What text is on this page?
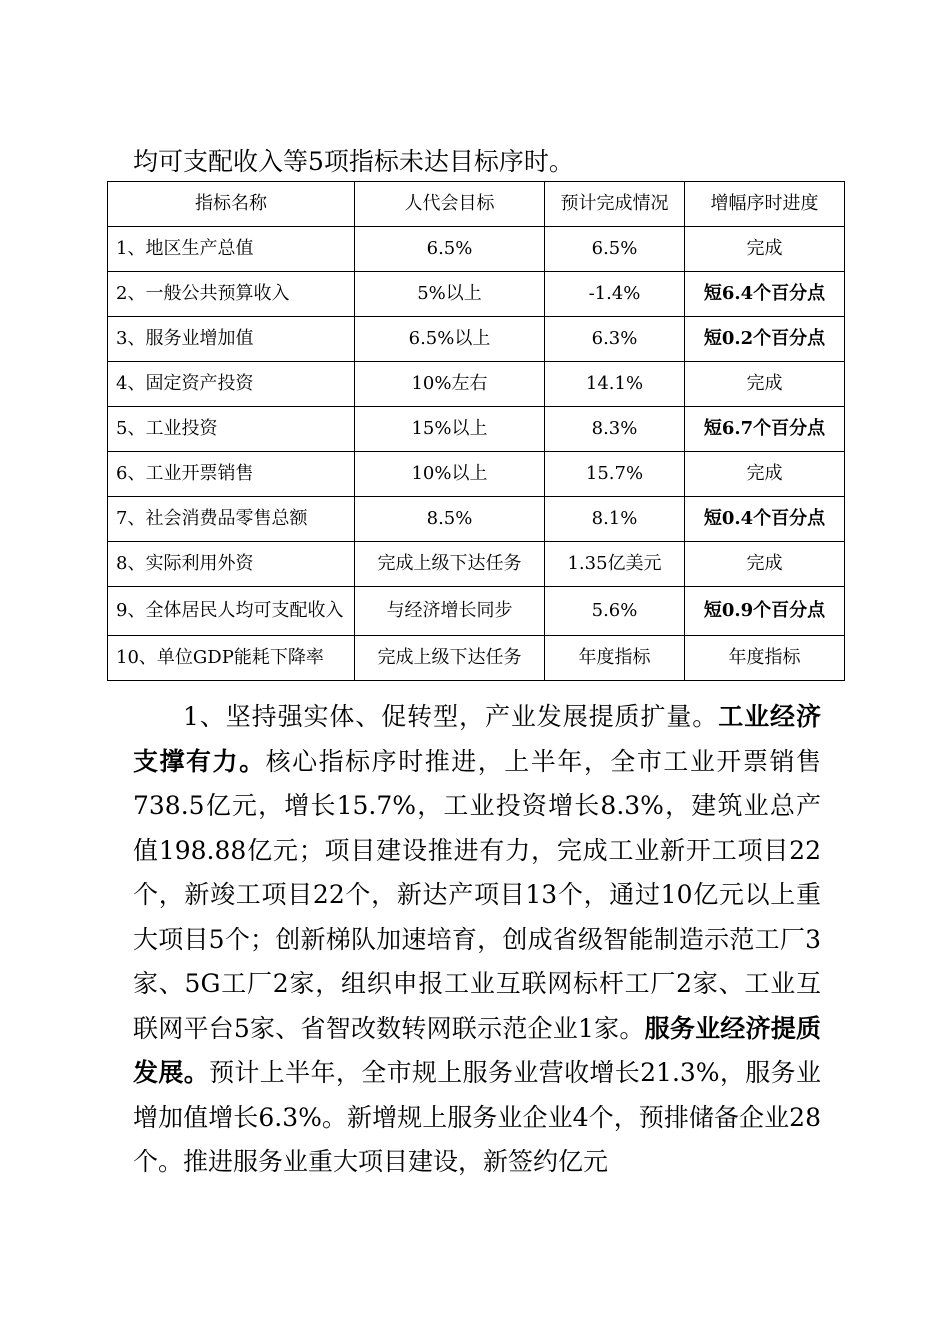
均可支配收入等5项指标未达目标序时。
指标名称	人代会目标	预计完成情况	增幅序时进度
1、地区生产总值	6.5%	6.5%	完成
2、一般公共预算收入	5%以上	-1.4%	短6.4个百分点
3、服务业增加值	6.5%以上	6.3%	短0.2个百分点
4、固定资产投资	10%左右	14.1%	完成
5、工业投资	15%以上	8.3%	短6.7个百分点
6、工业开票销售	10%以上	15.7%	完成
7、社会消费品零售总额	8.5%	8.1%	短0.4个百分点
8、实际利用外资	完成上级下达任务	1.35亿美元	完成
9、全体居民人均可支配收入	与经济增长同步	5.6%	短0.9个百分点
10、单位GDP能耗下降率	完成上级下达任务	年度指标	年度指标

1、坚持强实体、促转型，产业发展提质扩量。工业经济支撑有力。核心指标序时推进，上半年，全市工业开票销售738.5亿元，增长15.7%，工业投资增长8.3%，建筑业总产值198.88亿元；项目建设推进有力，完成工业新开工项目22个，新竣工项目22个，新达产项目13个，通过10亿元以上重大项目5个；创新梯队加速培育，创成省级智能制造示范工厂3家、5G工厂2家，组织申报工业互联网标杆工厂2家、工业互联网平台5家、省智改数转网联示范企业1家。服务业经济提质发展。预计上半年，全市规上服务业营收增长21.3%，服务业增加值增长6.3%。新增规上服务业企业4个，预排储备企业28个。推进服务业重大项目建设，新签约亿元
